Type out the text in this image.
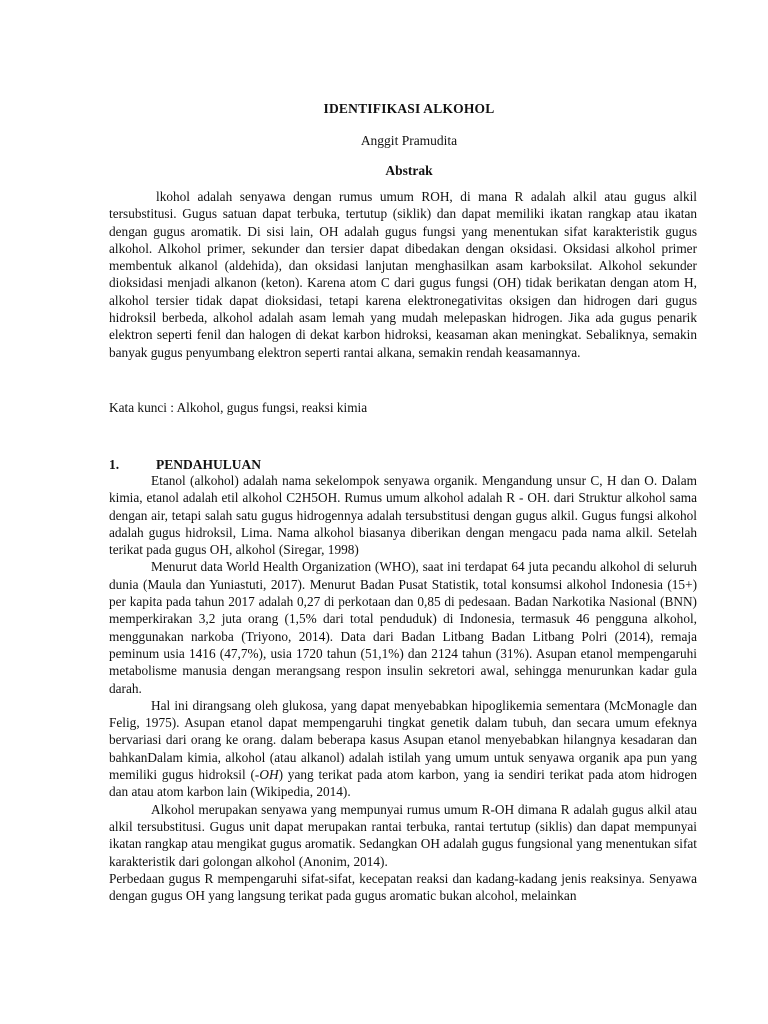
IDENTIFIKASI ALKOHOL
Anggit Pramudita
Abstrak

lkohol adalah senyawa dengan rumus umum ROH, di mana R adalah alkil atau gugus alkil tersubstitusi. Gugus satuan dapat terbuka, tertutup (siklik) dan dapat memiliki ikatan rangkap atau ikatan dengan gugus aromatik. Di sisi lain, OH adalah gugus fungsi yang menentukan sifat karakteristik gugus alkohol. Alkohol primer, sekunder dan tersier dapat dibedakan dengan oksidasi. Oksidasi alkohol primer membentuk alkanol (aldehida), dan oksidasi lanjutan menghasilkan asam karboksilat. Alkohol sekunder dioksidasi menjadi alkanon (keton). Karena atom C dari gugus fungsi (OH) tidak berikatan dengan atom H, alkohol tersier tidak dapat dioksidasi, tetapi karena elektronegativitas oksigen dan hidrogen dari gugus hidroksil berbeda, alkohol adalah asam lemah yang mudah melepaskan hidrogen. Jika ada gugus penarik elektron seperti fenil dan halogen di dekat karbon hidroksi, keasaman akan meningkat. Sebaliknya, semakin banyak gugus penyumbang elektron seperti rantai alkana, semakin rendah keasamannya.

Kata kunci : Alkohol, gugus fungsi, reaksi kimia

1.	PENDAHULUAN

Etanol (alkohol) adalah nama sekelompok senyawa organik. Mengandung unsur C, H dan O. Dalam kimia, etanol adalah etil alkohol C2H5OH. Rumus umum alkohol adalah R - OH. dari Struktur alkohol sama dengan air, tetapi salah satu gugus hidrogennya adalah tersubstitusi dengan gugus alkil. Gugus fungsi alkohol adalah gugus hidroksil, Lima. Nama alkohol biasanya diberikan dengan mengacu pada nama alkil. Setelah terikat pada gugus OH, alkohol (Siregar, 1998)

Menurut data World Health Organization (WHO), saat ini terdapat 64 juta pecandu alkohol di seluruh dunia (Maula dan Yuniastuti, 2017). Menurut Badan Pusat Statistik, total konsumsi alkohol Indonesia (15+) per kapita pada tahun 2017 adalah 0,27 di perkotaan dan 0,85 di pedesaan. Badan Narkotika Nasional (BNN) memperkirakan 3,2 juta orang (1,5% dari total penduduk) di Indonesia, termasuk 46 pengguna alkohol, menggunakan narkoba (Triyono, 2014). Data dari Badan Litbang Badan Litbang Polri (2014), remaja peminum usia 1416 (47,7%), usia 1720 tahun (51,1%) dan 2124 tahun (31%). Asupan etanol mempengaruhi metabolisme manusia dengan merangsang respon insulin sekretori awal, sehingga menurunkan kadar gula darah.

Hal ini dirangsang oleh glukosa, yang dapat menyebabkan hipoglikemia sementara (McMonagle dan Felig, 1975). Asupan etanol dapat mempengaruhi tingkat genetik dalam tubuh, dan secara umum efeknya bervariasi dari orang ke orang. dalam beberapa kasus Asupan etanol menyebabkan hilangnya kesadaran dan bahkanDalam kimia, alkohol (atau alkanol) adalah istilah yang umum untuk senyawa organik apa pun yang memiliki gugus hidroksil (-OH) yang terikat pada atom karbon, yang ia sendiri terikat pada atom hidrogen dan atau atom karbon lain (Wikipedia, 2014).

Alkohol merupakan senyawa yang mempunyai rumus umum R-OH dimana R adalah gugus alkil atau alkil tersubstitusi. Gugus unit dapat merupakan rantai terbuka, rantai tertutup (siklis) dan dapat mempunyai ikatan rangkap atau mengikat gugus aromatik. Sedangkan OH adalah gugus fungsional yang menentukan sifat karakteristik dari golongan alkohol (Anonim, 2014).

Perbedaan gugus R mempengaruhi sifat-sifat, kecepatan reaksi dan kadang-kadang jenis reaksinya. Senyawa dengan gugus OH yang langsung terikat pada gugus aromatic bukan alcohol, melainkan
